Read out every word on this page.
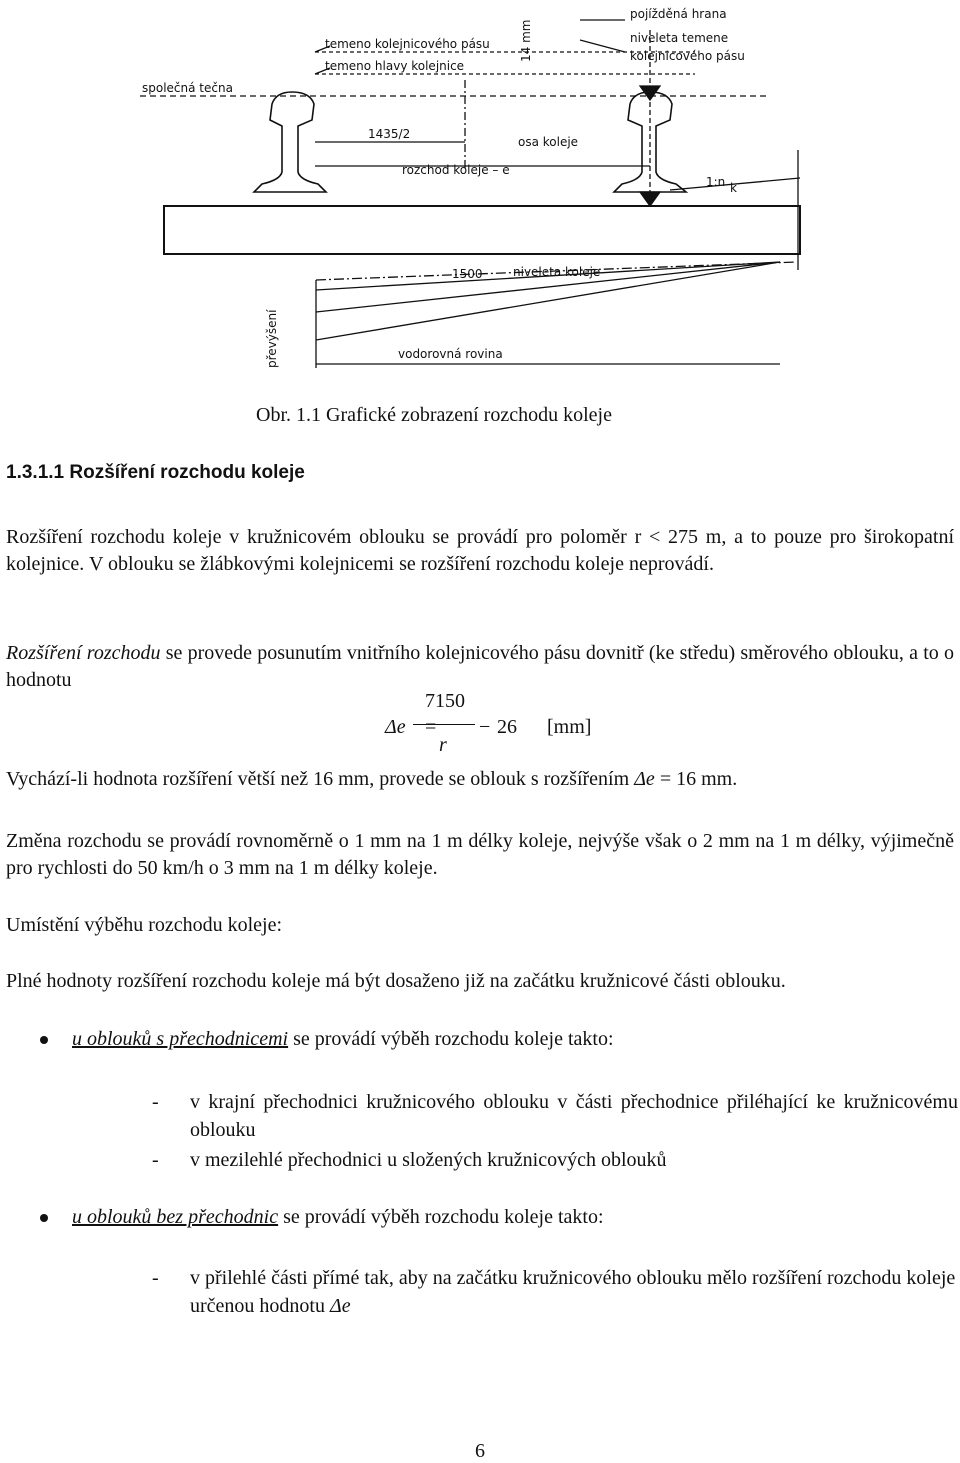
společná tečna
temeno kolejnicového pásu
temeno hlavy kolejnice
14 mm
pojížděná hrana
niveleta temene
kolejnicového pásu
1435/2
osa koleje
rozchod koleje – e
1:n k
1500	niveleta koleje
převýšení	vodorovná rovina
Obr. 1.1 Grafické zobrazení rozchodu koleje
1.3.1.1 Rozšíření rozchodu koleje
Rozšíření rozchodu koleje v kružnicovém oblouku se provádí pro poloměr r < 275 m, a to pouze pro širokopatní kolejnice. V oblouku se žlábkovými kolejnicemi se rozšíření rozchodu koleje neprovádí.
Rozšíření rozchodu se provede posunutím vnitřního kolejnicového pásu dovnitř (ke středu) směrového oblouku, a to o hodnotu
Δe =
7150
r
− 26 [mm]
Vychází-li hodnota rozšíření větší než 16 mm, provede se oblouk s rozšířením Δe = 16 mm.
Změna rozchodu se provádí rovnoměrně o 1 mm na 1 m délky koleje, nejvýše však o 2 mm na 1 m délky, výjimečně pro rychlosti do 50 km/h o 3 mm na 1 m délky koleje.
Umístění výběhu rozchodu koleje:
Plné hodnoty rozšíření rozchodu koleje má být dosaženo již na začátku kružnicové části oblouku.
u oblouků s přechodnicemi se provádí výběh rozchodu koleje takto:
- v krajní přechodnici kružnicového oblouku v části přechodnice přiléhající ke kružnicovému oblouku
- v mezilehlé přechodnici u složených kružnicových oblouků
u oblouků bez přechodnic se provádí výběh rozchodu koleje takto:
- v přilehlé části přímé tak, aby na začátku kružnicového oblouku mělo rozšíření rozchodu koleje určenou hodnotu Δe
6
